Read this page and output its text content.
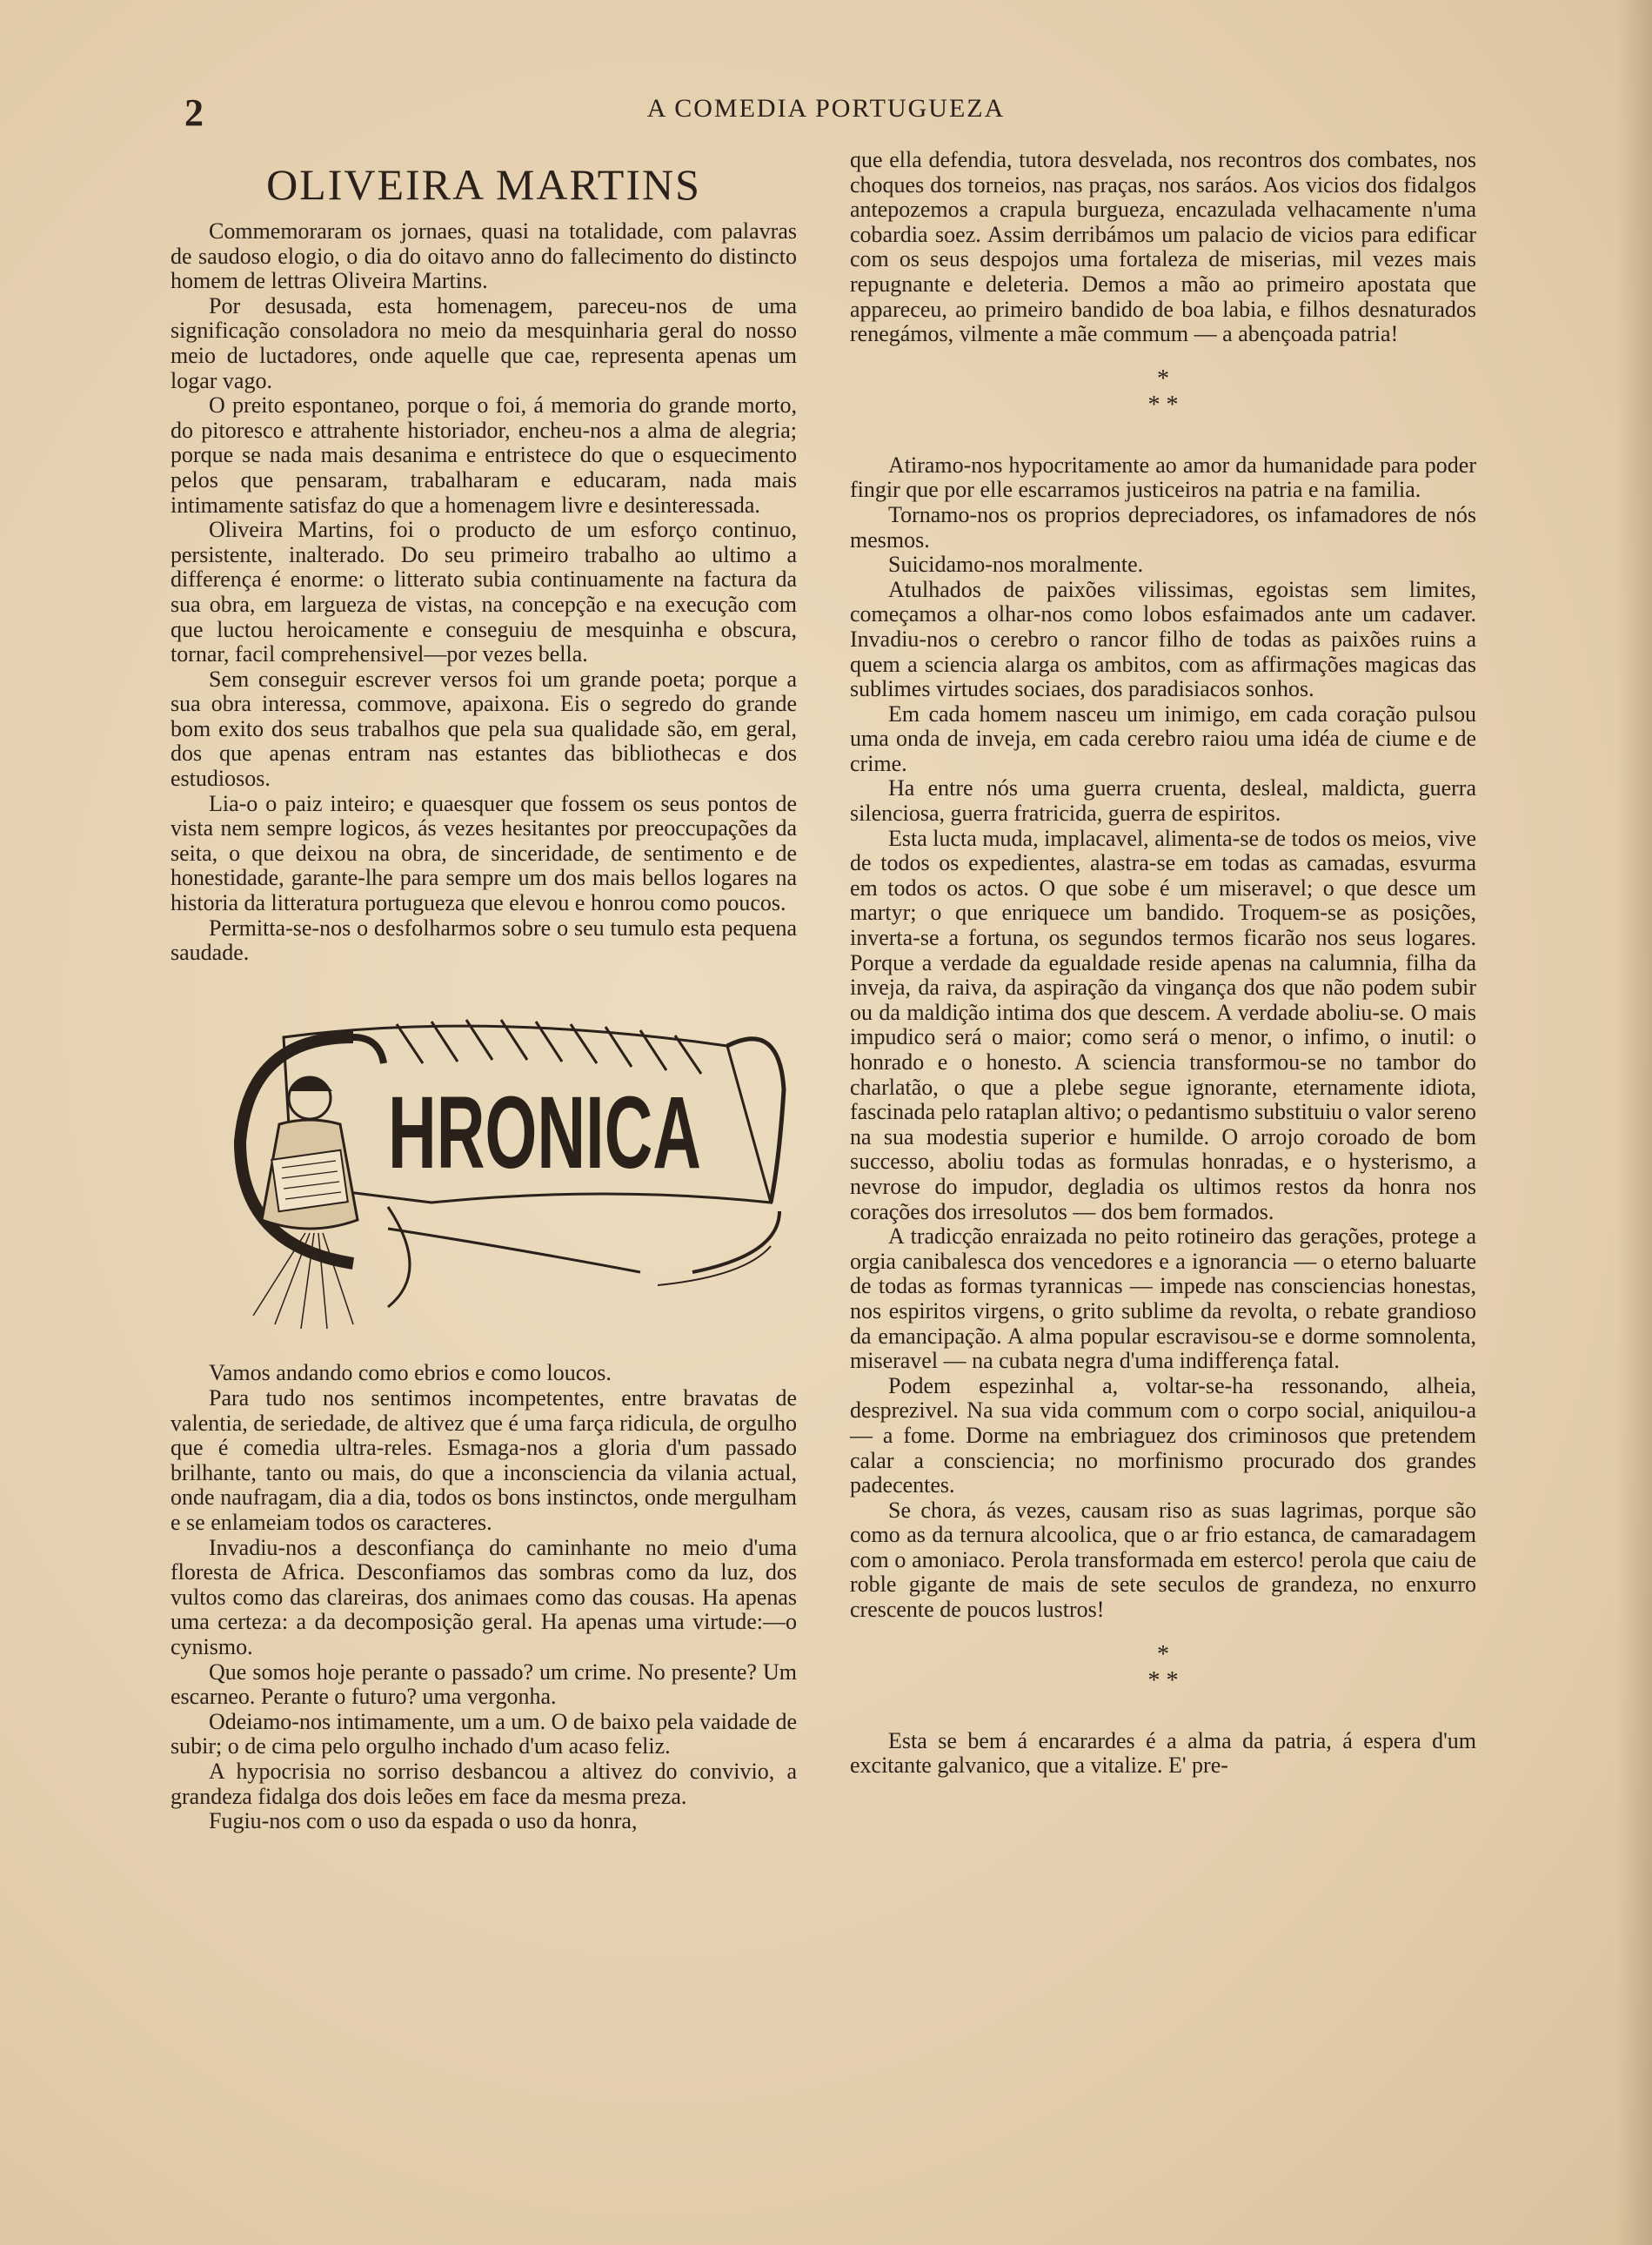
2	A COMEDIA PORTUGUEZA
OLIVEIRA MARTINS

Commemoraram os jornaes, quasi na totalidade, com palavras de saudoso elogio, o dia do oitavo anno do fallecimento do distincto homem de lettras Oliveira Martins.

Por desusada, esta homenagem, pareceu-nos de uma significação consoladora no meio da mesquinharia geral do nosso meio de luctadores, onde aquelle que cae, representa apenas um logar vago.

O preito espontaneo, porque o foi, á memoria do grande morto, do pitoresco e attrahente historiador, encheu-nos a alma de alegria; porque se nada mais desanima e entristece do que o esquecimento pelos que pensaram, trabalharam e educaram, nada mais intimamente satisfaz do que a homenagem livre e desinteressada.

Oliveira Martins, foi o producto de um esforço continuo, persistente, inalterado. Do seu primeiro trabalho ao ultimo a differença é enorme: o litterato subia continuamente na factura da sua obra, em largueza de vistas, na concepção e na execução com que luctou heroicamente e conseguiu de mesquinha e obscura, tornar, facil comprehensivel—por vezes bella.

Sem conseguir escrever versos foi um grande poeta; porque a sua obra interessa, commove, apaixona. Eis o segredo do grande bom exito dos seus trabalhos que pela sua qualidade são, em geral, dos que apenas entram nas estantes das bibliothecas e dos estudiosos.

Lia-o o paiz inteiro; e quaesquer que fossem os seus pontos de vista nem sempre logicos, ás vezes hesitantes por preoccupações da seita, o que deixou na obra, de sinceridade, de sentimento e de honestidade, garante-lhe para sempre um dos mais bellos logares na historia da litteratura portugueza que elevou e honrou como poucos.

Permitta-se-nos o desfolharmos sobre o seu tumulo esta pequena saudade.

HRONICA

Vamos andando como ebrios e como loucos.

Para tudo nos sentimos incompetentes, entre bravatas de valentia, de seriedade, de altivez que é uma farça ridicula, de orgulho que é comedia ultra-reles. Esmaga-nos a gloria d'um passado brilhante, tanto ou mais, do que a inconsciencia da vilania actual, onde naufragam, dia a dia, todos os bons instinctos, onde mergulham e se enlameiam todos os caracteres.

Invadiu-nos a desconfiança do caminhante no meio d'uma floresta de Africa. Desconfiamos das sombras como da luz, dos vultos como das clareiras, dos animaes como das cousas. Ha apenas uma certeza: a da decomposição geral. Ha apenas uma virtude:—o cynismo.

Que somos hoje perante o passado? um crime. No presente? Um escarneo. Perante o futuro? uma vergonha.

Odeiamo-nos intimamente, um a um. O de baixo pela vaidade de subir; o de cima pelo orgulho inchado d'um acaso feliz.

A hypocrisia no sorriso desbancou a altivez do convivio, a grandeza fidalga dos dois leões em face da mesma preza.

Fugiu-nos com o uso da espada o uso da honra,

que ella defendia, tutora desvelada, nos recontros dos combates, nos choques dos torneios, nas praças, nos saráos. Aos vicios dos fidalgos antepozemos a crapula burgueza, encazulada velhacamente n'uma cobardia soez. Assim derribámos um palacio de vicios para edificar com os seus despojos uma fortaleza de miserias, mil vezes mais repugnante e deleteria. Demos a mão ao primeiro apostata que appareceu, ao primeiro bandido de boa labia, e filhos desnaturados renegámos, vilmente a mãe commum — a abençoada patria!

*
* *

Atiramo-nos hypocritamente ao amor da humanidade para poder fingir que por elle escarramos justiceiros na patria e na familia.

Tornamo-nos os proprios depreciadores, os infamadores de nós mesmos.

Suicidamo-nos moralmente.

Atulhados de paixões vilissimas, egoistas sem limites, começamos a olhar-nos como lobos esfaimados ante um cadaver. Invadiu-nos o cerebro o rancor filho de todas as paixões ruins a quem a sciencia alarga os ambitos, com as affirmações magicas das sublimes virtudes sociaes, dos paradisiacos sonhos.

Em cada homem nasceu um inimigo, em cada coração pulsou uma onda de inveja, em cada cerebro raiou uma idéa de ciume e de crime.

Ha entre nós uma guerra cruenta, desleal, maldicta, guerra silenciosa, guerra fratricida, guerra de espiritos.

Esta lucta muda, implacavel, alimenta-se de todos os meios, vive de todos os expedientes, alastra-se em todas as camadas, esvurma em todos os actos. O que sobe é um miseravel; o que desce um martyr; o que enriquece um bandido. Troquem-se as posições, inverta-se a fortuna, os segundos termos ficarão nos seus logares. Porque a verdade da egualdade reside apenas na calumnia, filha da inveja, da raiva, da aspiração da vingança dos que não podem subir ou da maldição intima dos que descem. A verdade aboliu-se. O mais impudico será o maior; como será o menor, o infimo, o inutil: o honrado e o honesto. A sciencia transformou-se no tambor do charlatão, o que a plebe segue ignorante, eternamente idiota, fascinada pelo rataplan altivo; o pedantismo substituiu o valor sereno na sua modestia superior e humilde. O arrojo coroado de bom successo, aboliu todas as formulas honradas, e o hysterismo, a nevrose do impudor, degladia os ultimos restos da honra nos corações dos irresolutos — dos bem formados.

A tradicção enraizada no peito rotineiro das gerações, protege a orgia canibalesca dos vencedores e a ignorancia — o eterno baluarte de todas as formas tyrannicas — impede nas consciencias honestas, nos espiritos virgens, o grito sublime da revolta, o rebate grandioso da emancipação. A alma popular escravisou-se e dorme somnolenta, miseravel — na cubata negra d'uma indifferença fatal.

Podem espezinhal a, voltar-se-ha ressonando, alheia, desprezivel. Na sua vida commum com o corpo social, aniquilou-a — a fome. Dorme na embriaguez dos criminosos que pretendem calar a consciencia; no morfinismo procurado dos grandes padecentes.

Se chora, ás vezes, causam riso as suas lagrimas, porque são como as da ternura alcoolica, que o ar frio estanca, de camaradagem com o amoniaco. Perola transformada em esterco! perola que caiu de roble gigante de mais de sete seculos de grandeza, no enxurro crescente de poucos lustros!

*
* *

Esta se bem á encarardes é a alma da patria, á espera d'um excitante galvanico, que a vitalize. E' pre-
